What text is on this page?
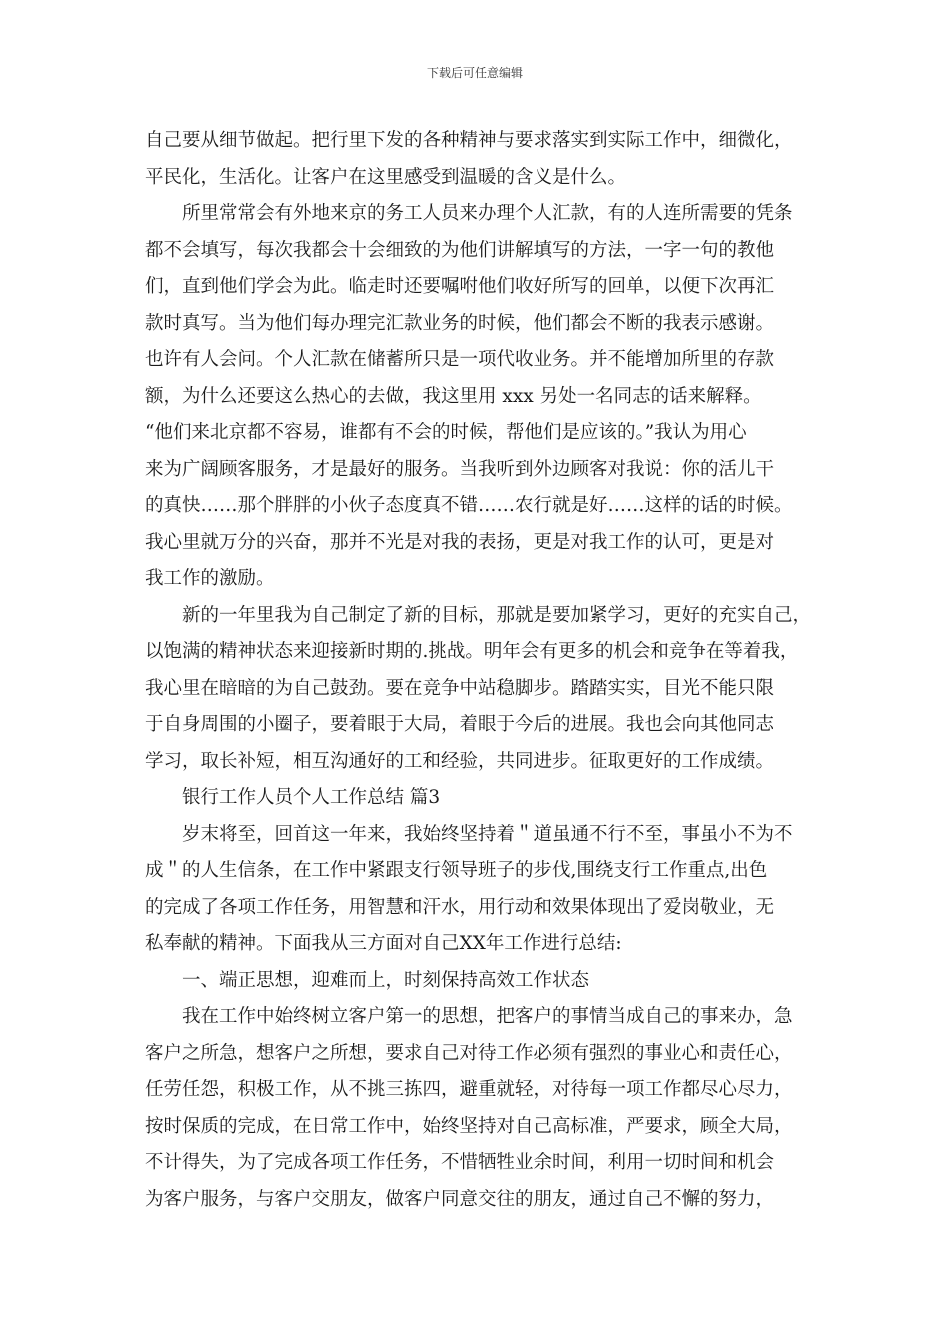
下载后可任意编辑
自己要从细节做起。把行里下发的各种精神与要求落实到实际工作中，细微化，
平民化，生活化。让客户在这里感受到温暖的含义是什么。
　　所里常常会有外地来京的务工人员来办理个人汇款，有的人连所需要的凭条
都不会填写，每次我都会十会细致的为他们讲解填写的方法，一字一句的教他
们，直到他们学会为此。临走时还要嘱咐他们收好所写的回单，以便下次再汇
款时真写。当为他们每办理完汇款业务的时候，他们都会不断的我表示感谢。
也许有人会问。个人汇款在储蓄所只是一项代收业务。并不能增加所里的存款
额，为什么还要这么热心的去做，我这里用 xxx 另处一名同志的话来解释。
“他们来北京都不容易，谁都有不会的时候，帮他们是应该的。”我认为用心
来为广阔顾客服务，才是最好的服务。当我听到外边顾客对我说：你的活儿干
的真快……那个胖胖的小伙子态度真不错……农行就是好……这样的话的时候。
我心里就万分的兴奋，那并不光是对我的表扬，更是对我工作的认可，更是对
我工作的激励。
　　新的一年里我为自己制定了新的目标，那就是要加紧学习，更好的充实自己，
以饱满的精神状态来迎接新时期的.挑战。明年会有更多的机会和竞争在等着我，
我心里在暗暗的为自己鼓劲。要在竞争中站稳脚步。踏踏实实，目光不能只限
于自身周围的小圈子，要着眼于大局，着眼于今后的进展。我也会向其他同志
学习，取长补短，相互沟通好的工和经验，共同进步。征取更好的工作成绩。
　　银行工作人员个人工作总结 篇3
　　岁末将至，回首这一年来，我始终坚持着＂道虽通不行不至，事虽小不为不
成＂的人生信条，在工作中紧跟支行领导班子的步伐,围绕支行工作重点,出色
的完成了各项工作任务，用智慧和汗水，用行动和效果体现出了爱岗敬业，无
私奉献的精神。下面我从三方面对自己XX年工作进行总结:
　　一、端正思想，迎难而上，时刻保持高效工作状态
　　我在工作中始终树立客户第一的思想，把客户的事情当成自己的事来办，急
客户之所急，想客户之所想，要求自己对待工作必须有强烈的事业心和责任心，
任劳任怨，积极工作，从不挑三拣四，避重就轻，对待每一项工作都尽心尽力，
按时保质的完成，在日常工作中，始终坚持对自己高标准，严要求，顾全大局，
不计得失，为了完成各项工作任务，不惜牺牲业余时间，利用一切时间和机会
为客户服务，与客户交朋友，做客户同意交往的朋友，通过自己不懈的努力，
